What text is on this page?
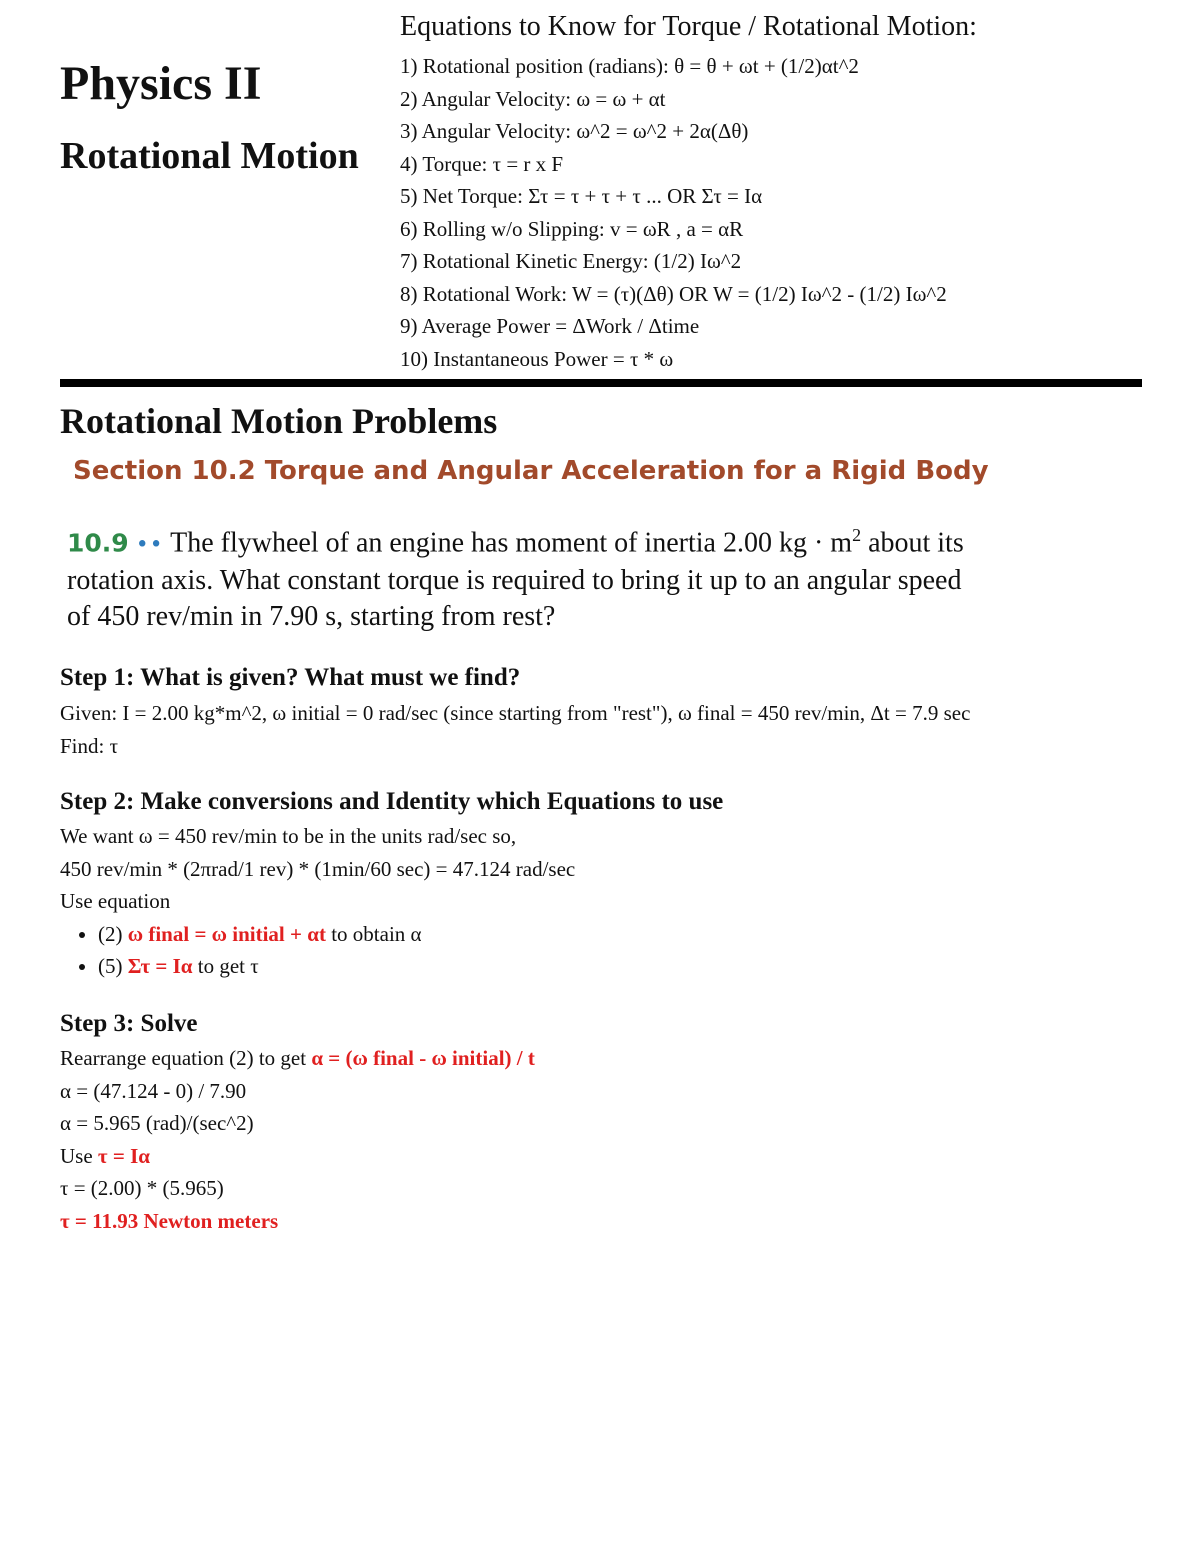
Physics II
Rotational Motion

Equations to Know for Torque / Rotational Motion:

1) Rotational position (radians): θ = θ + ωt + (1/2)αt^2
2) Angular Velocity: ω = ω + αt
3) Angular Velocity: ω^2 = ω^2 + 2α(Δθ)
4) Torque: τ = r x F
5) Net Torque: Στ = τ + τ + τ ... OR Στ = Iα
6) Rolling w/o Slipping: v = ωR , a = αR
7) Rotational Kinetic Energy: (1/2) Iω^2
8) Rotational Work: W = (τ)(Δθ) OR W = (1/2) Iω^2 - (1/2) Iω^2
9) Average Power = ΔWork / Δtime
10) Instantaneous Power = τ * ω
Rotational Motion Problems
Section 10.2 Torque and Angular Acceleration for a Rigid Body

10.9 •• The flywheel of an engine has moment of inertia 2.00 kg · $m^2$ about its rotation axis. What constant torque is required to bring it up to an angular speed of 450 rev/min in 7.90 s, starting from rest?

Step 1: What is given? What must we find?

Given: I = 2.00 kg*m^2, ω initial = 0 rad/sec (since starting from "rest"), ω final = 450 rev/min, Δt = 7.9 sec

Find: τ

Step 2: Make conversions and Identity which Equations to use

We want ω = 450 rev/min to be in the units rad/sec so,

450 rev/min * (2πrad/1 rev) * (1min/60 sec) = 47.124 rad/sec

Use equation

• (2) ω final = ω initial + αt to obtain α
• (5) Στ = Iα to get τ
Step 3: Solve

Rearrange equation (2) to get α = (ω final - ω initial) / t

α = (47.124 - 0) / 7.90

α = 5.965 (rad)/(sec^2)

Use τ = Iα

τ = (2.00) * (5.965)

τ = 11.93 Newton meters
